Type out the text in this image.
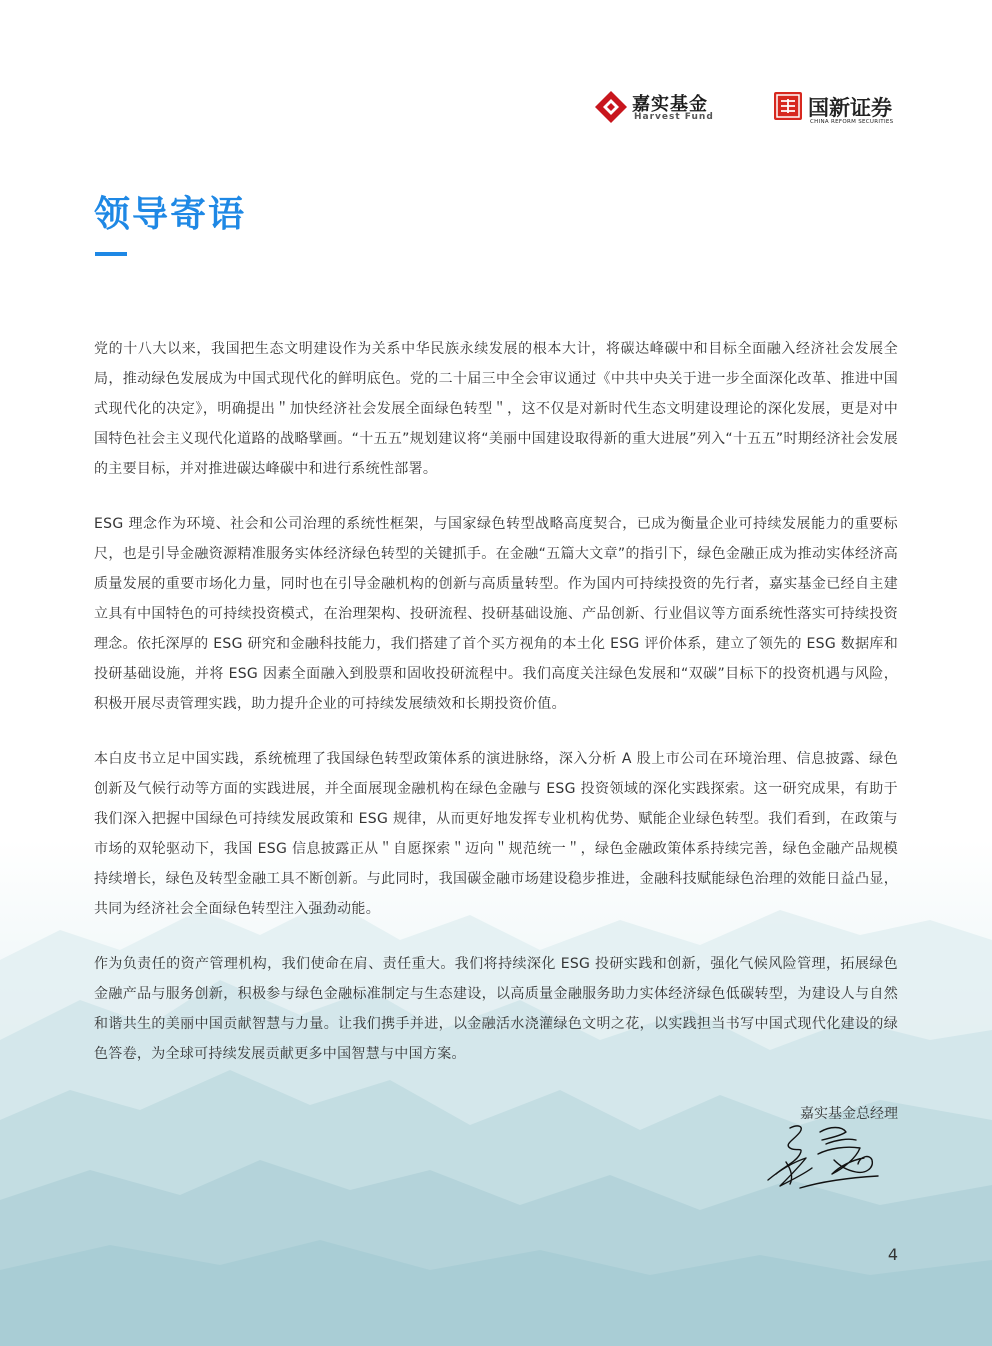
嘉实基金
Harvest Fund	国新证券
CHINA REFORM SECURITIES
领导寄语

党的十八大以来，我国把生态文明建设作为关系中华民族永续发展的根本大计，将碳达峰碳中和目标全面融入经济社会发展全局，推动绿色发展成为中国式现代化的鲜明底色。党的二十届三中全会审议通过《中共中央关于进一步全面深化改革、推进中国式现代化的决定》，明确提出＂加快经济社会发展全面绿色转型＂，这不仅是对新时代生态文明建设理论的深化发展，更是对中国特色社会主义现代化道路的战略擘画。“十五五”规划建议将“美丽中国建设取得新的重大进展”列入“十五五”时期经济社会发展的主要目标，并对推进碳达峰碳中和进行系统性部署。

ESG 理念作为环境、社会和公司治理的系统性框架，与国家绿色转型战略高度契合，已成为衡量企业可持续发展能力的重要标尺，也是引导金融资源精准服务实体经济绿色转型的关键抓手。在金融“五篇大文章”的指引下，绿色金融正成为推动实体经济高质量发展的重要市场化力量，同时也在引导金融机构的创新与高质量转型。作为国内可持续投资的先行者，嘉实基金已经自主建立具有中国特色的可持续投资模式，在治理架构、投研流程、投研基础设施、产品创新、行业倡议等方面系统性落实可持续投资理念。依托深厚的 ESG 研究和金融科技能力，我们搭建了首个买方视角的本土化 ESG 评价体系，建立了领先的 ESG 数据库和投研基础设施，并将 ESG 因素全面融入到股票和固收投研流程中。我们高度关注绿色发展和“双碳”目标下的投资机遇与风险，积极开展尽责管理实践，助力提升企业的可持续发展绩效和长期投资价值。

本白皮书立足中国实践，系统梳理了我国绿色转型政策体系的演进脉络，深入分析 A 股上市公司在环境治理、信息披露、绿色创新及气候行动等方面的实践进展，并全面展现金融机构在绿色金融与 ESG 投资领域的深化实践探索。这一研究成果，有助于我们深入把握中国绿色可持续发展政策和 ESG 规律，从而更好地发挥专业机构优势、赋能企业绿色转型。我们看到，在政策与市场的双轮驱动下，我国 ESG 信息披露正从＂自愿探索＂迈向＂规范统一＂，绿色金融政策体系持续完善，绿色金融产品规模持续增长，绿色及转型金融工具不断创新。与此同时，我国碳金融市场建设稳步推进，金融科技赋能绿色治理的效能日益凸显，共同为经济社会全面绿色转型注入强劲动能。

作为负责任的资产管理机构，我们使命在肩、责任重大。我们将持续深化 ESG 投研实践和创新，强化气候风险管理，拓展绿色金融产品与服务创新，积极参与绿色金融标准制定与生态建设，以高质量金融服务助力实体经济绿色低碳转型，为建设人与自然和谐共生的美丽中国贡献智慧与力量。让我们携手并进，以金融活水浇灌绿色文明之花，以实践担当书写中国式现代化建设的绿色答卷，为全球可持续发展贡献更多中国智慧与中国方案。

嘉实基金总经理
4
